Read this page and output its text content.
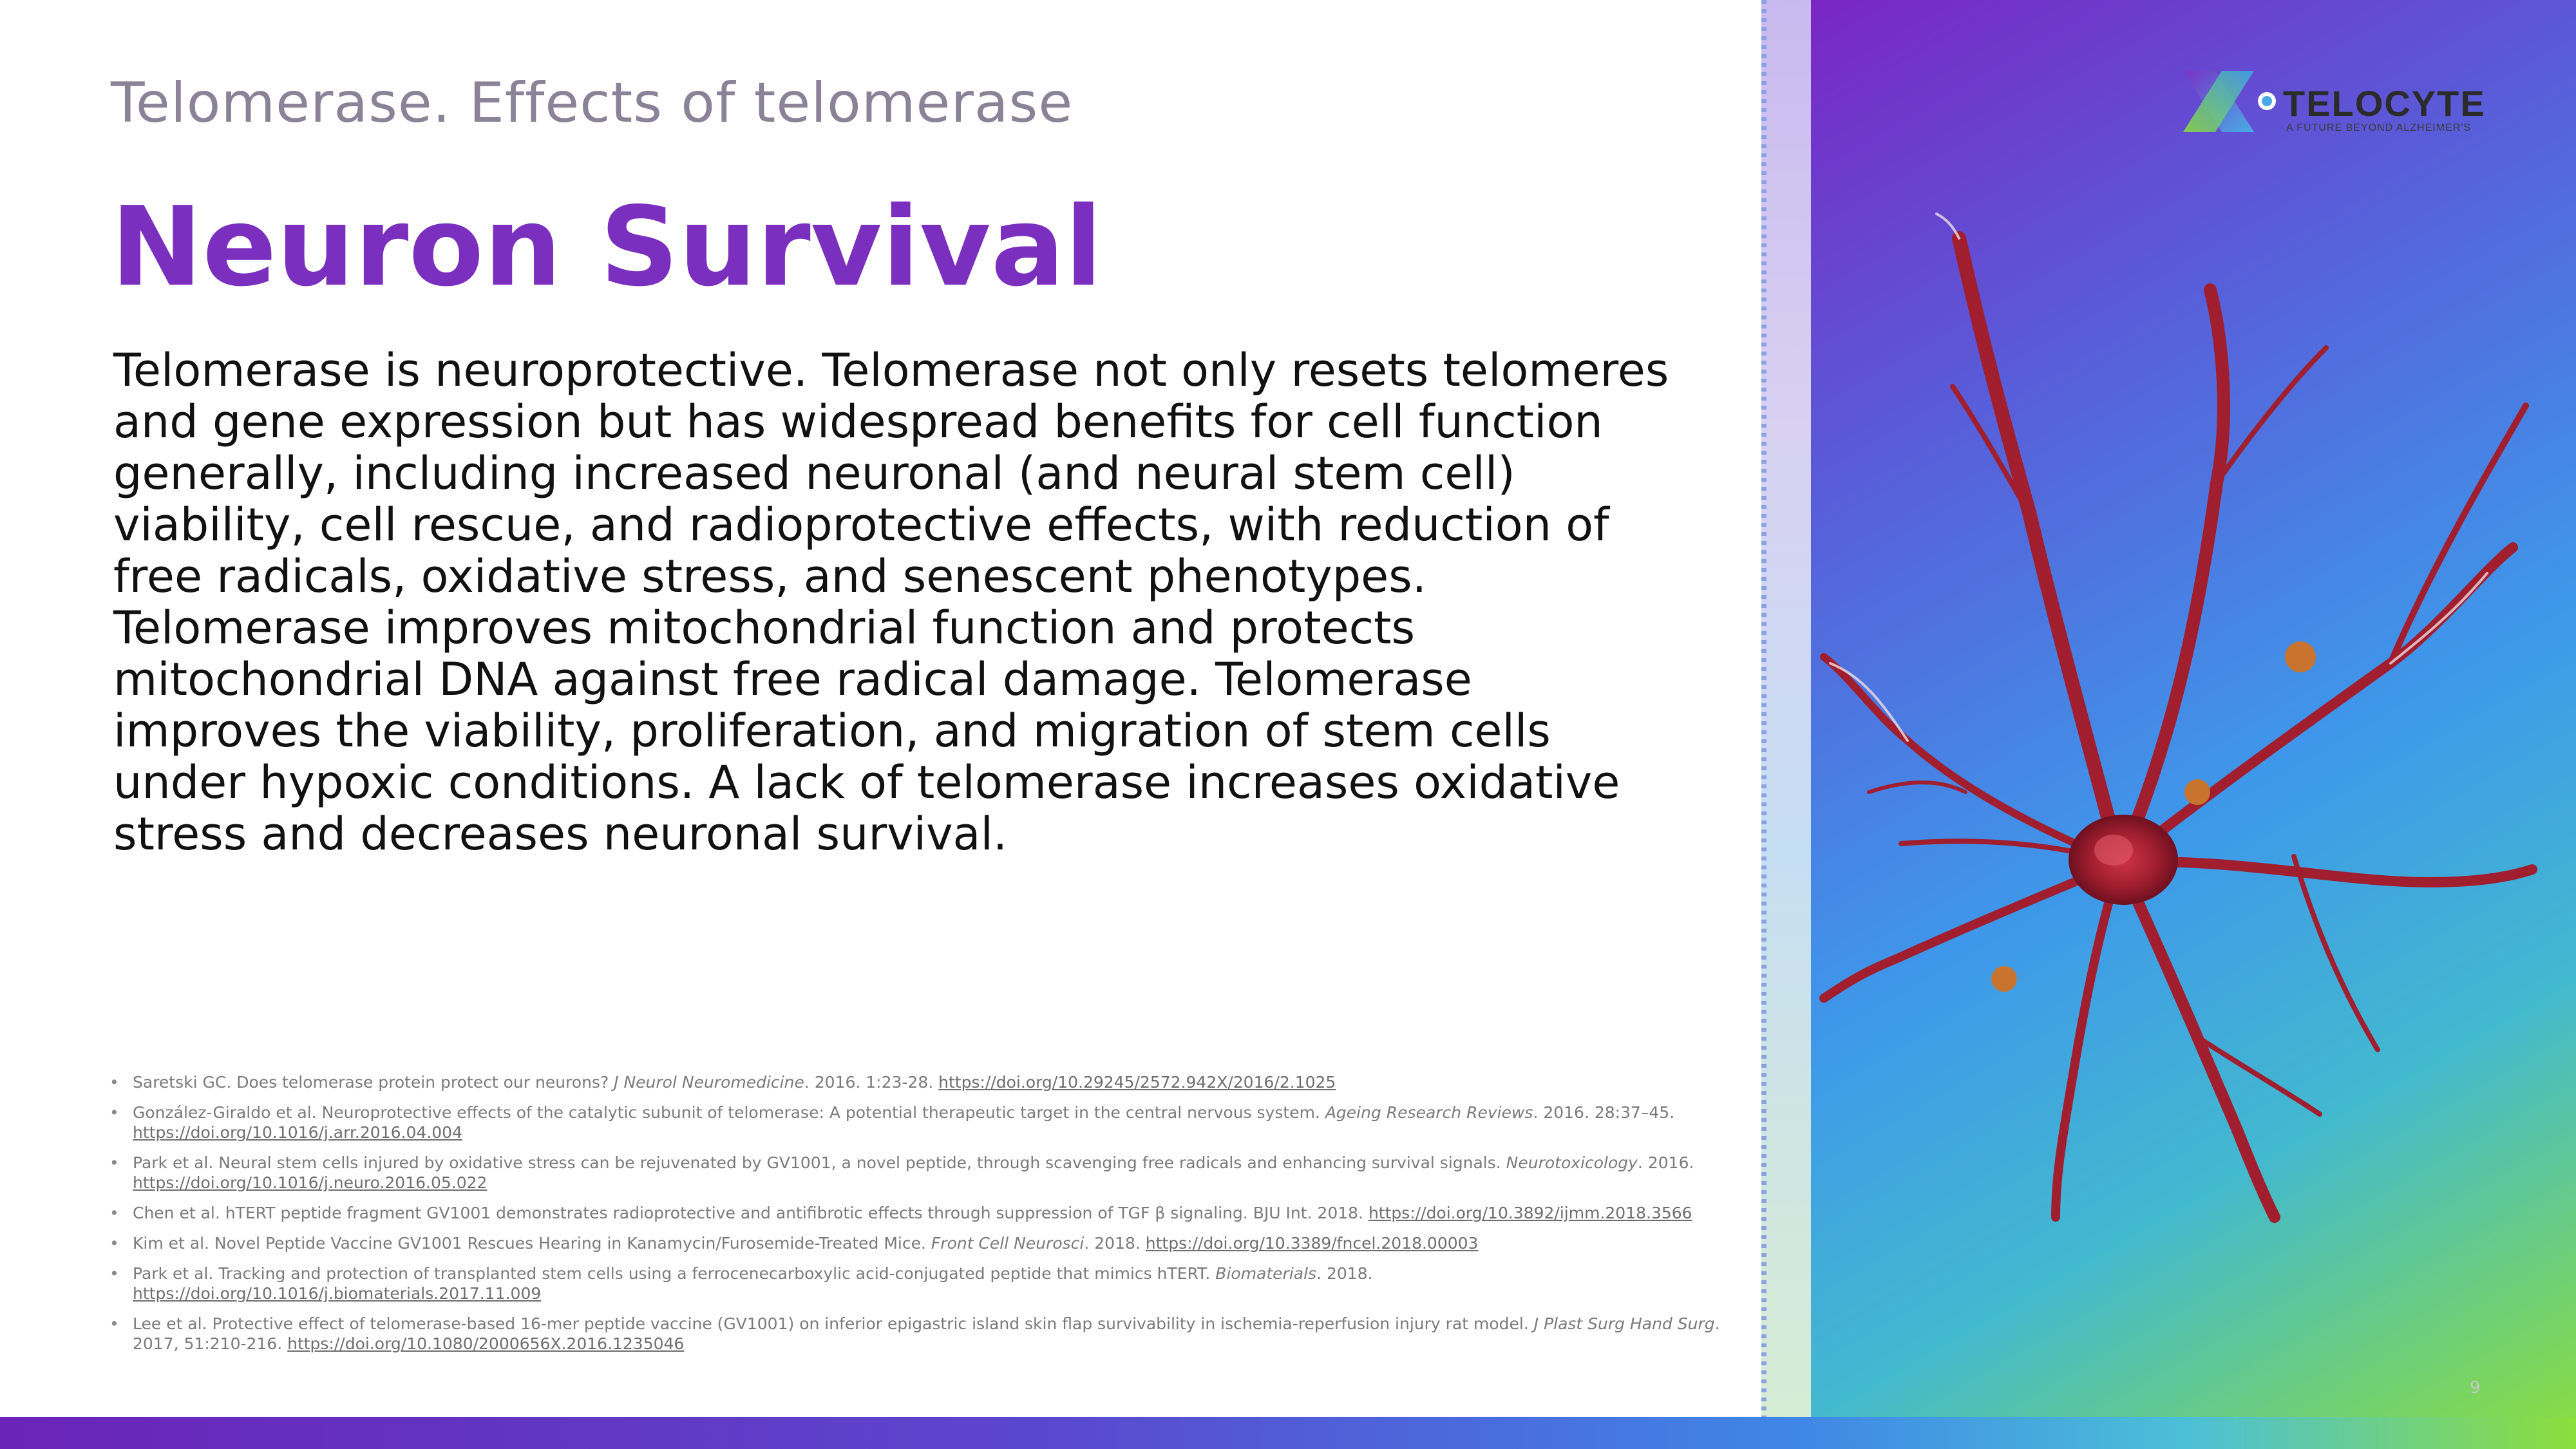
Telomerase. Effects of telomerase
Neuron Survival
Telomerase is neuroprotective. Telomerase not only resets telomeres and gene expression but has widespread benefits for cell function generally, including increased neuronal (and neural stem cell) viability, cell rescue, and radioprotective effects, with reduction of free radicals, oxidative stress, and senescent phenotypes. Telomerase improves mitochondrial function and protects mitochondrial DNA against free radical damage. Telomerase improves the viability, proliferation, and migration of stem cells under hypoxic conditions. A lack of telomerase increases oxidative stress and decreases neuronal survival.
• Saretski GC. Does telomerase protein protect our neurons? J Neurol Neuromedicine. 2016. 1:23-28. https://doi.org/10.29245/2572.942X/2016/2.1025
• González-Giraldo et al. Neuroprotective effects of the catalytic subunit of telomerase: A potential therapeutic target in the central nervous system. Ageing Research Reviews. 2016. 28:37–45. https://doi.org/10.1016/j.arr.2016.04.004
• Park et al. Neural stem cells injured by oxidative stress can be rejuvenated by GV1001, a novel peptide, through scavenging free radicals and enhancing survival signals. Neurotoxicology. 2016. https://doi.org/10.1016/j.neuro.2016.05.022
• Chen et al. hTERT peptide fragment GV1001 demonstrates radioprotective and antifibrotic effects through suppression of TGF β signaling. BJU Int. 2018. https://doi.org/10.3892/ijmm.2018.3566
• Kim et al. Novel Peptide Vaccine GV1001 Rescues Hearing in Kanamycin/Furosemide-Treated Mice. Front Cell Neurosci. 2018. https://doi.org/10.3389/fncel.2018.00003
• Park et al. Tracking and protection of transplanted stem cells using a ferrocenecarboxylic acid-conjugated peptide that mimics hTERT. Biomaterials. 2018. https://doi.org/10.1016/j.biomaterials.2017.11.009
• Lee et al. Protective effect of telomerase-based 16-mer peptide vaccine (GV1001) on inferior epigastric island skin flap survivability in ischemia-reperfusion injury rat model. J Plast Surg Hand Surg. 2017, 51:210-216. https://doi.org/10.1080/2000656X.2016.1235046
TELOCYTE
A FUTURE BEYOND ALZHEIMER'S
9
